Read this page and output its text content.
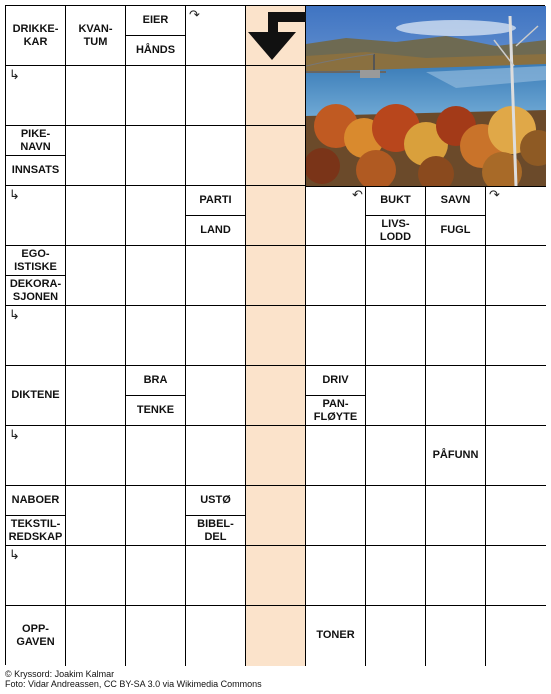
DRIKKE-
KAR
KVAN-
TUM
EIER
HÅNDS
PIKE-
NAVN
INNSATS
PARTI
LAND
BUKT
LIVS-
LODD
SAVN
FUGL
EGO-
ISTISKE
DEKORA-
SJONEN
DIKTENE
BRA
TENKE
DRIV
PAN-
FLØYTE
PÅFUNN
NABOER
TEKSTIL-
REDSKAP
USTØ
BIBEL-
DEL
OPP-
GAVEN
TONER
↷
↳
↳	↶	↷
↳
↳
↳
© Kryssord: Joakim Kalmar
Foto: Vidar Andreassen, CC BY-SA 3.0 via Wikimedia Commons
